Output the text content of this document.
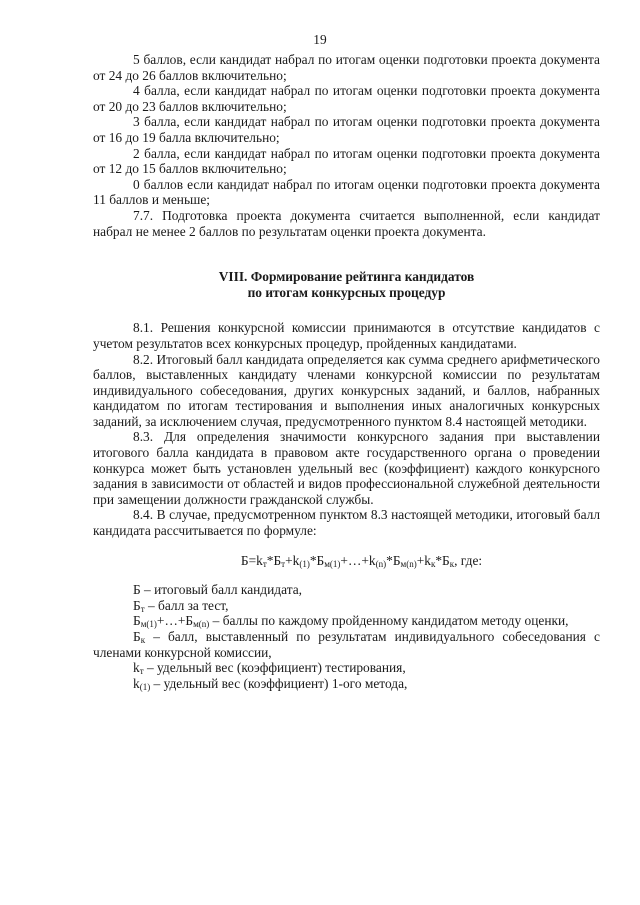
19

5 баллов, если кандидат набрал по итогам оценки подготовки проекта документа от 24 до 26 баллов включительно;

4 балла, если кандидат набрал по итогам оценки подготовки проекта документа от 20 до 23 баллов включительно;

3 балла, если кандидат набрал по итогам оценки подготовки проекта документа от 16 до 19 балла включительно;

2 балла, если кандидат набрал по итогам оценки подготовки проекта документа от 12 до 15 баллов включительно;

0 баллов если кандидат набрал по итогам оценки подготовки проекта документа 11 баллов и меньше;

7.7. Подготовка проекта документа считается выполненной, если кандидат набрал не менее 2 баллов по результатам оценки проекта документа.

VIII. Формирование рейтинга кандидатов

по итогам конкурсных процедур

8.1. Решения конкурсной комиссии принимаются в отсутствие кандидатов с учетом результатов всех конкурсных процедур, пройденных кандидатами.

8.2. Итоговый балл кандидата определяется как сумма среднего арифметического баллов, выставленных кандидату членами конкурсной комиссии по результатам индивидуального собеседования, других конкурсных заданий, и баллов, набранных кандидатом по итогам тестирования и выполнения иных аналогичных конкурсных заданий, за исключением случая, предусмотренного пунктом 8.4 настоящей методики.

8.3. Для определения значимости конкурсного задания при выставлении итогового балла кандидата в правовом акте государственного органа о проведении конкурса может быть установлен удельный вес (коэффициент) каждого конкурсного задания в зависимости от областей и видов профессиональной служебной деятельности при замещении должности гражданской службы.

8.4. В случае, предусмотренном пунктом 8.3 настоящей методики, итоговый балл кандидата рассчитывается по формуле:

$Б=k_т*Б_т+k_{(1)}*Б_{м(1)}+\dots+k_{(n)}*Б_{м(n)}+k_к*Б_к$, где:

Б – итоговый балл кандидата,

$Б_т$ – балл за тест,

$Б_{м(1)}+\dots+Б_{м(n)}$ – баллы по каждому пройденному кандидатом методу оценки,

$Б_к$ – балл, выставленный по результатам индивидуального собеседования с членами конкурсной комиссии,

$k_т$ – удельный вес (коэффициент) тестирования,

$k_{(1)}$ – удельный вес (коэффициент) 1-ого метода,
